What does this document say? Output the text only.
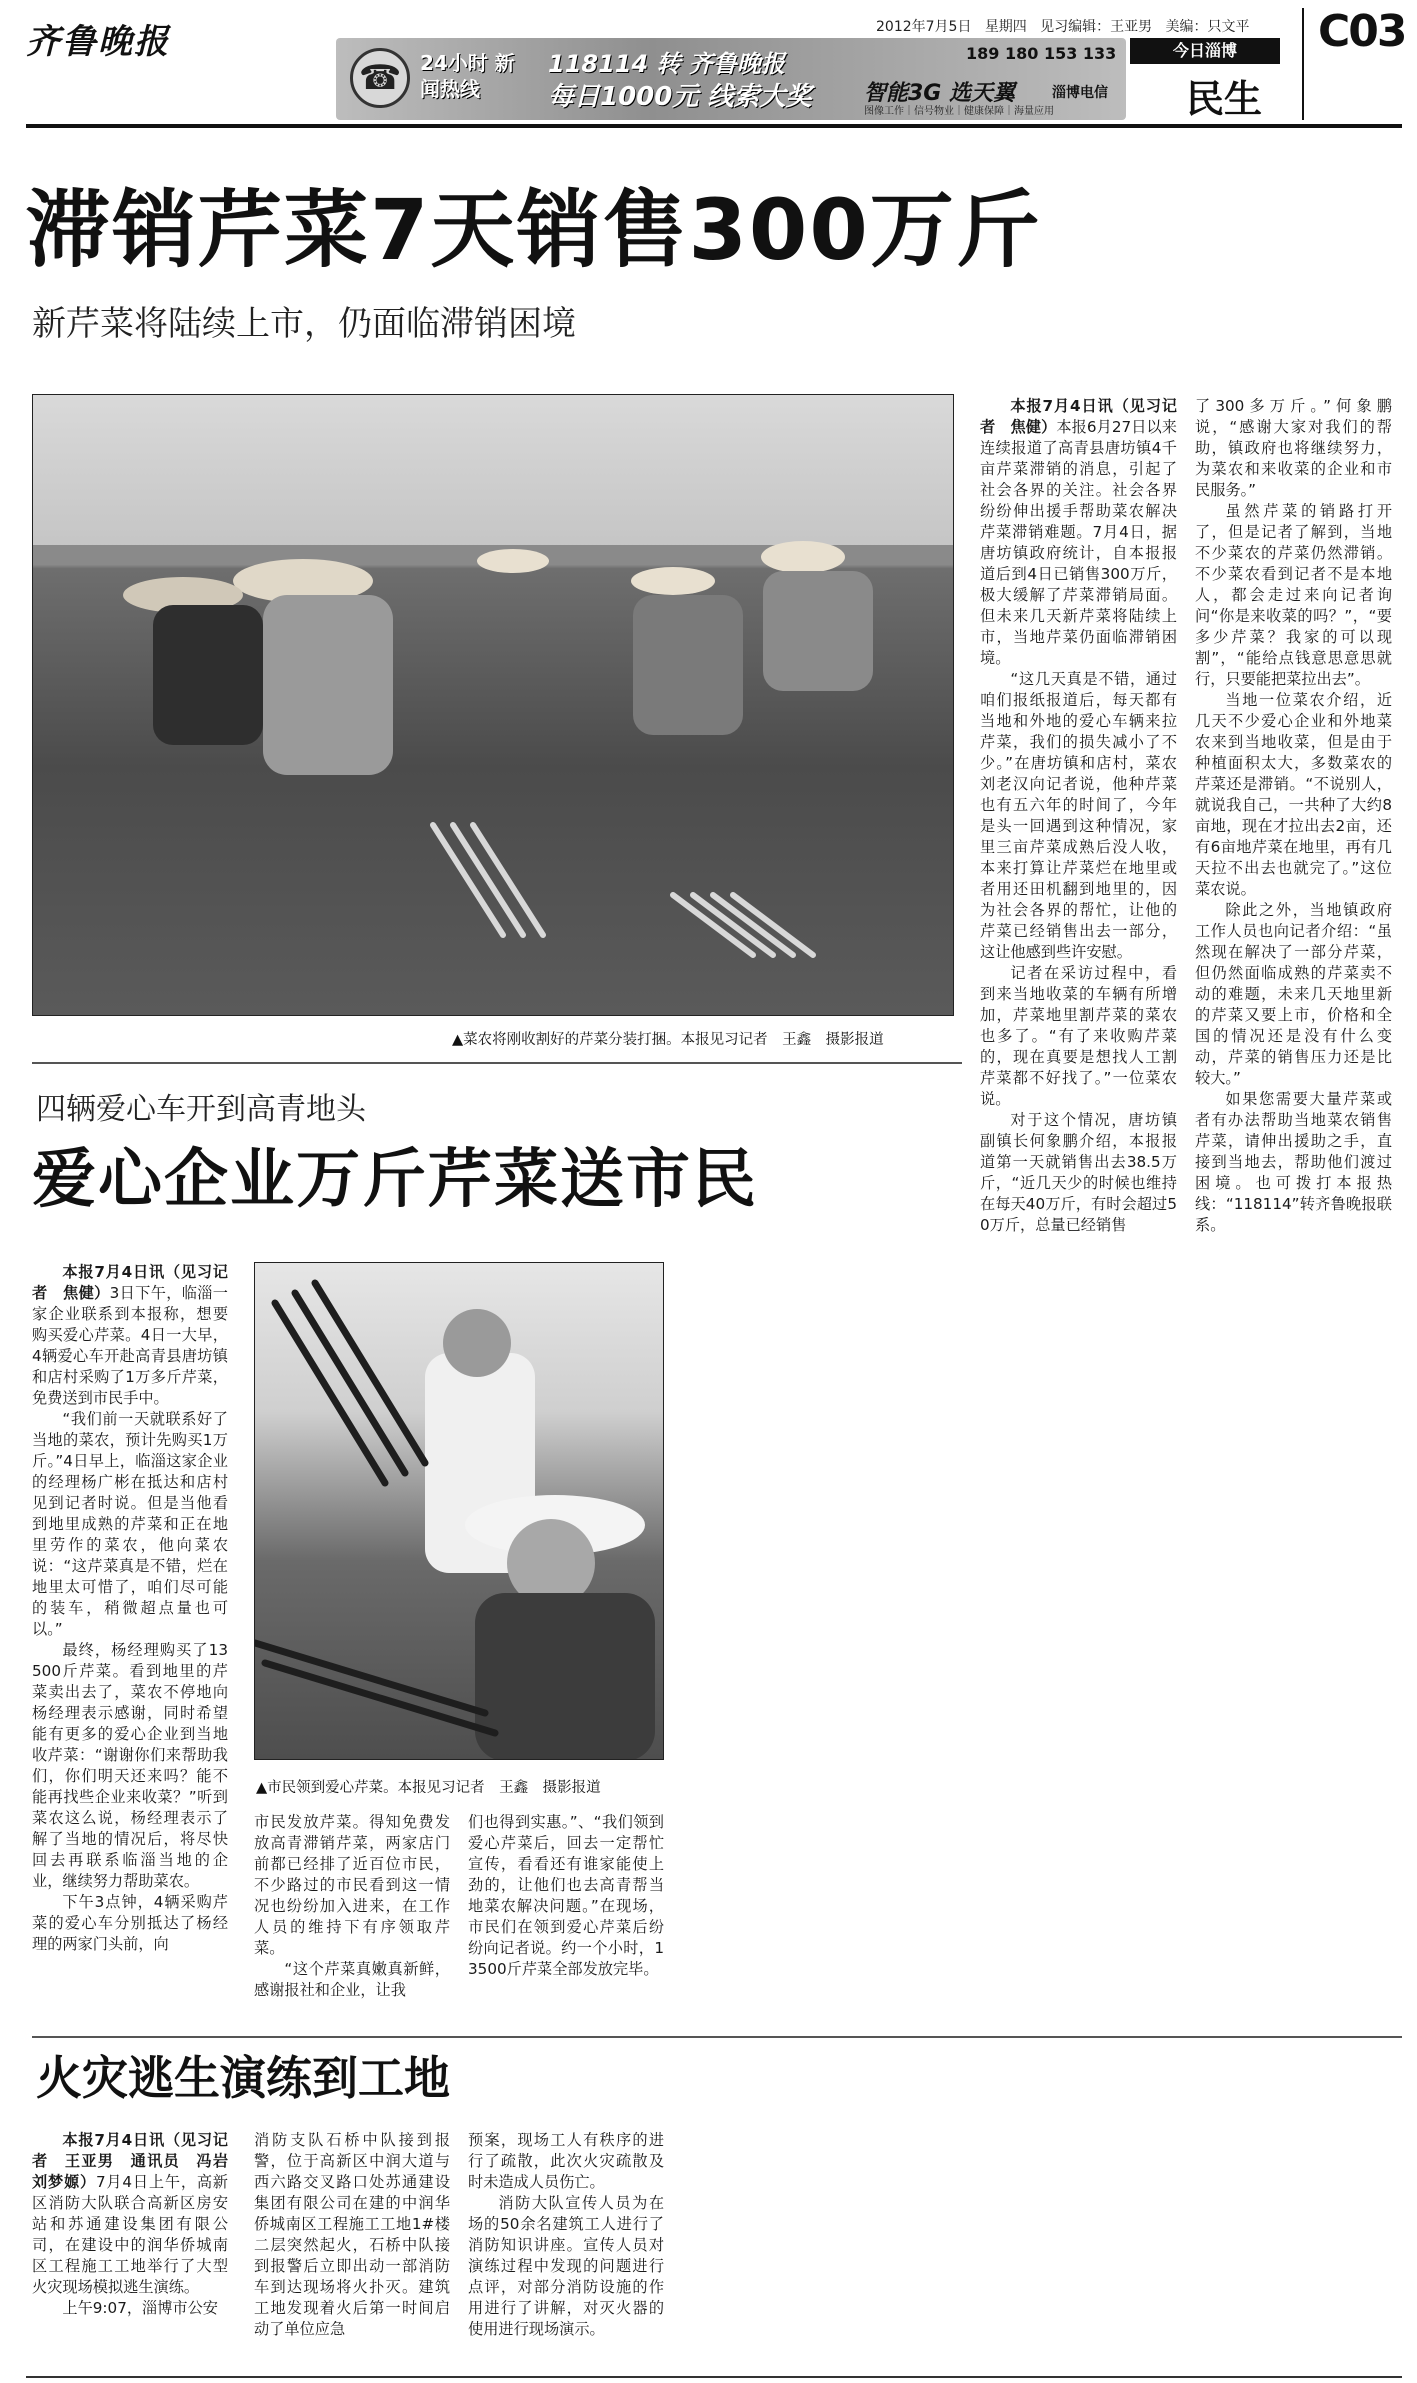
齐鲁晚报	2012年7月5日 星期四 见习编辑：王亚男 美编：只文平 C03
今日淄博
民生
☎ 24小时 新闻热线
118114 转 齐鲁晚报
每日1000元 线索大奖
189 180 153 133
智能3G 选天翼	淄博电信
图像工作｜信号物业｜健康保障｜海量应用
滞销芹菜7天销售300万斤
新芹菜将陆续上市，仍面临滞销困境
▲菜农将刚收割好的芹菜分装打捆。本报见习记者　王鑫　摄影报道

本报7月4日讯（见习记者　焦健）本报6月27日以来连续报道了高青县唐坊镇4千亩芹菜滞销的消息，引起了社会各界的关注。社会各界纷纷伸出援手帮助菜农解决芹菜滞销难题。7月4日，据唐坊镇政府统计，自本报报道后到4日已销售300万斤，极大缓解了芹菜滞销局面。但未来几天新芹菜将陆续上市，当地芹菜仍面临滞销困境。

“这几天真是不错，通过咱们报纸报道后，每天都有当地和外地的爱心车辆来拉芹菜，我们的损失减小了不少。”在唐坊镇和店村，菜农刘老汉向记者说，他种芹菜也有五六年的时间了，今年是头一回遇到这种情况，家里三亩芹菜成熟后没人收，本来打算让芹菜烂在地里或者用还田机翻到地里的，因为社会各界的帮忙，让他的芹菜已经销售出去一部分，这让他感到些许安慰。

记者在采访过程中，看到来当地收菜的车辆有所增加，芹菜地里割芹菜的菜农也多了。“有了来收购芹菜的，现在真要是想找人工割芹菜都不好找了。”一位菜农说。

对于这个情况，唐坊镇副镇长何象鹏介绍，本报报道第一天就销售出去38.5万斤，“近几天少的时候也维持在每天40万斤，有时会超过50万斤，总量已经销售

了300多万斤。”何象鹏说，“感谢大家对我们的帮助，镇政府也将继续努力，为菜农和来收菜的企业和市民服务。”

虽然芹菜的销路打开了，但是记者了解到，当地不少菜农的芹菜仍然滞销。不少菜农看到记者不是本地人，都会走过来向记者询问“你是来收菜的吗？”，“要多少芹菜？我家的可以现割”，“能给点钱意思意思就行，只要能把菜拉出去”。

当地一位菜农介绍，近几天不少爱心企业和外地菜农来到当地收菜，但是由于种植面积太大，多数菜农的芹菜还是滞销。“不说别人，就说我自己，一共种了大约8亩地，现在才拉出去2亩，还有6亩地芹菜在地里，再有几天拉不出去也就完了。”这位菜农说。

除此之外，当地镇政府工作人员也向记者介绍：“虽然现在解决了一部分芹菜，但仍然面临成熟的芹菜卖不动的难题，未来几天地里新的芹菜又要上市，价格和全国的情况还是没有什么变动，芹菜的销售压力还是比较大。”

如果您需要大量芹菜或者有办法帮助当地菜农销售芹菜，请伸出援助之手，直接到当地去，帮助他们渡过困境。也可拨打本报热线：“118114”转齐鲁晚报联系。

四辆爱心车开到高青地头
爱心企业万斤芹菜送市民

本报7月4日讯（见习记者　焦健）3日下午，临淄一家企业联系到本报称，想要购买爱心芹菜。4日一大早，4辆爱心车开赴高青县唐坊镇和店村采购了1万多斤芹菜，免费送到市民手中。

“我们前一天就联系好了当地的菜农，预计先购买1万斤。”4日早上，临淄这家企业的经理杨广彬在抵达和店村见到记者时说。但是当他看到地里成熟的芹菜和正在地里劳作的菜农，他向菜农说：“这芹菜真是不错，烂在地里太可惜了，咱们尽可能的装车，稍微超点量也可以。”

最终，杨经理购买了13500斤芹菜。看到地里的芹菜卖出去了，菜农不停地向杨经理表示感谢，同时希望能有更多的爱心企业到当地收芹菜：“谢谢你们来帮助我们，你们明天还来吗？能不能再找些企业来收菜？”听到菜农这么说，杨经理表示了解了当地的情况后，将尽快回去再联系临淄当地的企业，继续努力帮助菜农。

下午3点钟，4辆采购芹菜的爱心车分别抵达了杨经理的两家门头前，向

▲市民领到爱心芹菜。本报见习记者　王鑫　摄影报道

市民发放芹菜。得知免费发放高青滞销芹菜，两家店门前都已经排了近百位市民，不少路过的市民看到这一情况也纷纷加入进来，在工作人员的维持下有序领取芹菜。

“这个芹菜真嫩真新鲜，感谢报社和企业，让我

们也得到实惠。”、“我们领到爱心芹菜后，回去一定帮忙宣传，看看还有谁家能使上劲的，让他们也去高青帮当地菜农解决问题。”在现场，市民们在领到爱心芹菜后纷纷向记者说。约一个小时，13500斤芹菜全部发放完毕。

火灾逃生演练到工地

本报7月4日讯（见习记者　王亚男　通讯员　冯岩　刘梦嫄）7月4日上午，高新区消防大队联合高新区房安站和苏通建设集团有限公司，在建设中的润华侨城南区工程施工工地举行了大型火灾现场模拟逃生演练。

上午9:07，淄博市公安

消防支队石桥中队接到报警，位于高新区中润大道与西六路交叉路口处苏通建设集团有限公司在建的中润华侨城南区工程施工工地1#楼二层突然起火，石桥中队接到报警后立即出动一部消防车到达现场将火扑灭。建筑工地发现着火后第一时间启动了单位应急

预案，现场工人有秩序的进行了疏散，此次火灾疏散及时未造成人员伤亡。

消防大队宣传人员为在场的50余名建筑工人进行了消防知识讲座。宣传人员对演练过程中发现的问题进行点评，对部分消防设施的作用进行了讲解，对灭火器的使用进行现场演示。
